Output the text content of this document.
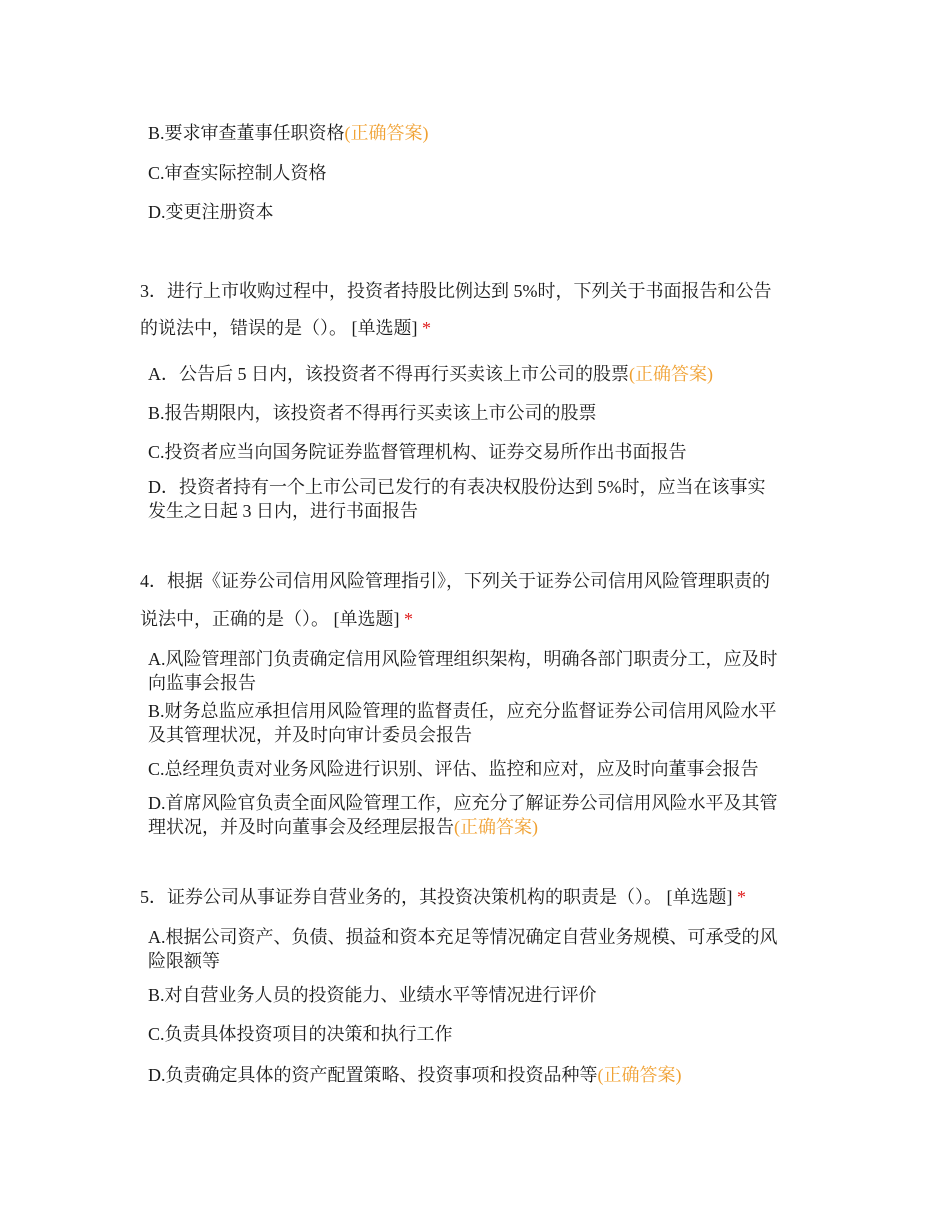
B.要求审查董事任职资格(正确答案)
C.审查实际控制人资格
D.变更注册资本
3．进行上市收购过程中，投资者持股比例达到 5%时，下列关于书面报告和公告
的说法中，错误的是（）。 [单选题] *
A．公告后 5 日内，该投资者不得再行买卖该上市公司的股票(正确答案)
B.报告期限内，该投资者不得再行买卖该上市公司的股票
C.投资者应当向国务院证券监督管理机构、证券交易所作出书面报告
D．投资者持有一个上市公司已发行的有表决权股份达到 5%时，应当在该事实
发生之日起 3 日内，进行书面报告
4．根据《证券公司信用风险管理指引》，下列关于证券公司信用风险管理职责的
说法中，正确的是（）。 [单选题] *
A.风险管理部门负责确定信用风险管理组织架构，明确各部门职责分工，应及时
向监事会报告
B.财务总监应承担信用风险管理的监督责任，应充分监督证券公司信用风险水平
及其管理状况，并及时向审计委员会报告
C.总经理负责对业务风险进行识别、评估、监控和应对，应及时向董事会报告
D.首席风险官负责全面风险管理工作，应充分了解证券公司信用风险水平及其管
理状况，并及时向董事会及经理层报告(正确答案)
5．证券公司从事证券自营业务的，其投资决策机构的职责是（）。 [单选题] *
A.根据公司资产、负债、损益和资本充足等情况确定自营业务规模、可承受的风
险限额等
B.对自营业务人员的投资能力、业绩水平等情况进行评价
C.负责具体投资项目的决策和执行工作
D.负责确定具体的资产配置策略、投资事项和投资品种等(正确答案)
